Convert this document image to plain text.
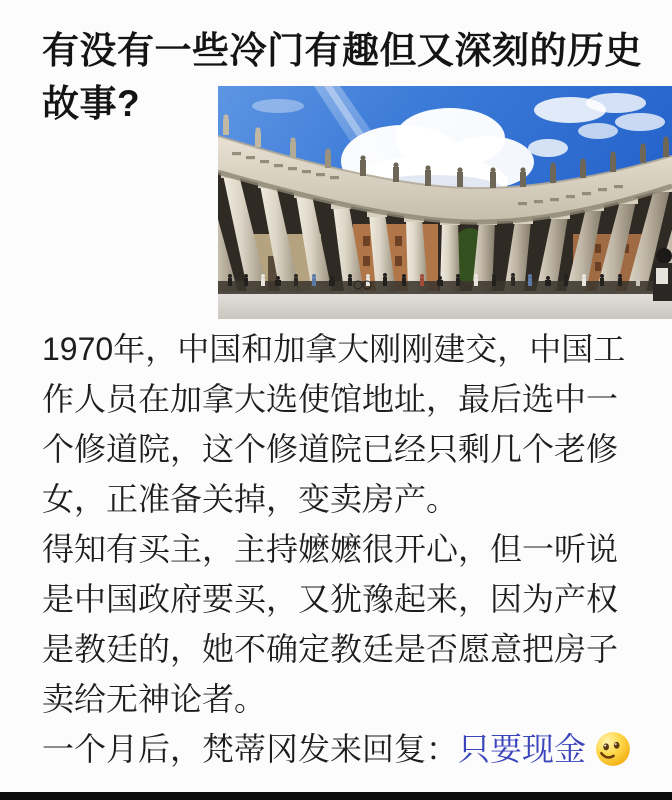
有没有一些冷门有趣但又深刻的历史故事?

1970年，中国和加拿大刚刚建交，中国工作人员在加拿大选使馆地址，最后选中一个修道院，这个修道院已经只剩几个老修女，正准备关掉，变卖房产。

得知有买主，主持嬷嬷很开心，但一听说是中国政府要买，又犹豫起来，因为产权是教廷的，她不确定教廷是否愿意把房子卖给无神论者。

一个月后，梵蒂冈发来回复：只要现金
